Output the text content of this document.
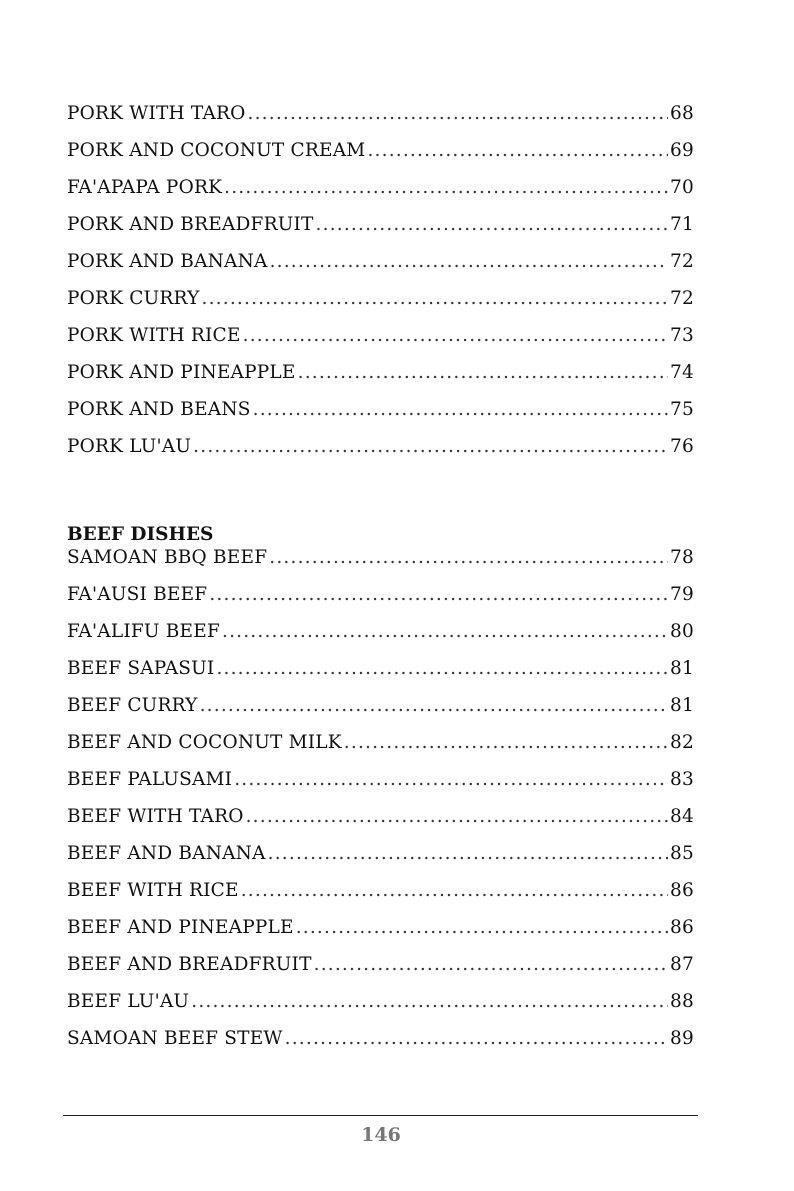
PORK WITH TARO .....	68
PORK AND COCONUT CREAM .....	69
FA'APAPA PORK .....	70
PORK AND BREADFRUIT .....	71
PORK AND BANANA .....	72
PORK CURRY .....	72
PORK WITH RICE .....	73
PORK AND PINEAPPLE .....	74
PORK AND BEANS .....	75
PORK LU'AU .....	76
BEEF DISHES
SAMOAN BBQ BEEF .....	78
FA'AUSI BEEF .....	79
FA'ALIFU BEEF .....	80
BEEF SAPASUI .....	81
BEEF CURRY .....	81
BEEF AND COCONUT MILK .....	82
BEEF PALUSAMI .....	83
BEEF WITH TARO .....	84
BEEF AND BANANA .....	85
BEEF WITH RICE .....	86
BEEF AND PINEAPPLE .....	86
BEEF AND BREADFRUIT .....	87
BEEF LU'AU .....	88
SAMOAN BEEF STEW .....	89
146
